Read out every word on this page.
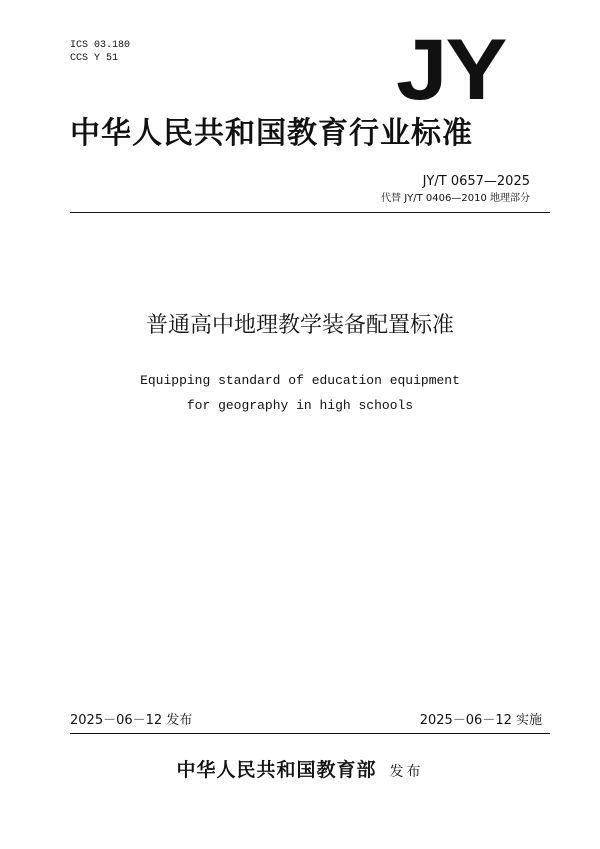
ICS 03.180
CCS Y 51	JY
中华人民共和国教育行业标准
JY/T 0657—2025
代替 JY/T 0406—2010 地理部分
普通高中地理教学装备配置标准
Equipping standard of education equipment
for geography in high schools
2025－06－12 发布	2025－06－12 实施
中华人民共和国教育部 发布
